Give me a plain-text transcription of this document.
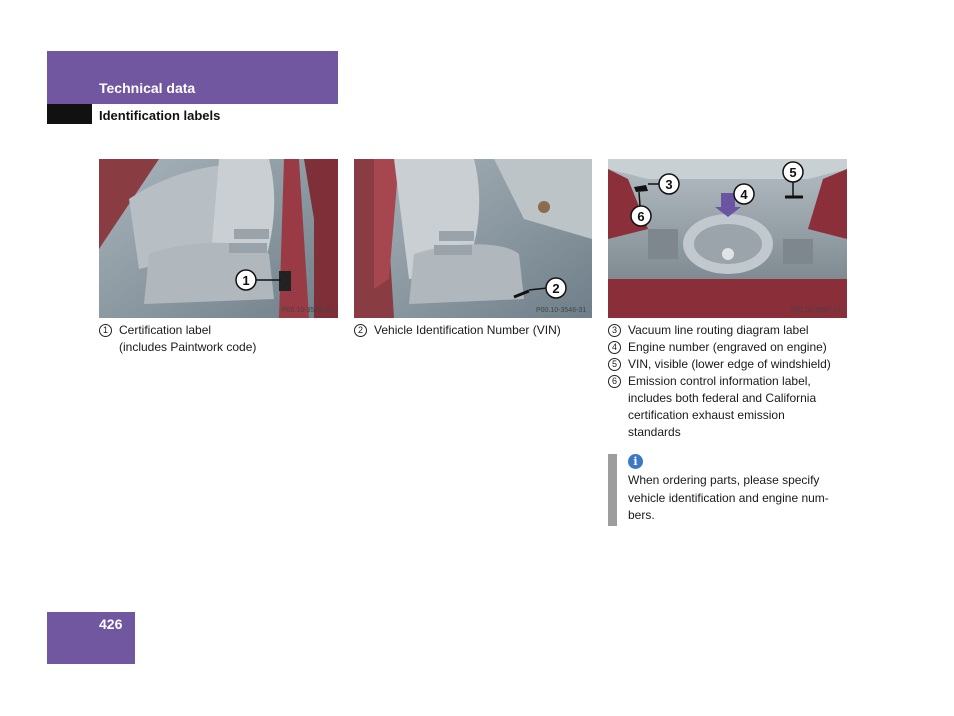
Technical data
Identification labels
1
P00.10-3545-31
2
P00.10-3546-31
3
4
5
6
P01.00-2697-31
1 Certification label
(includes Paintwork code)
2 Vehicle Identification Number (VIN)	3 Vacuum line routing diagram label
4 Engine number (engraved on engine)
5 VIN, visible (lower edge of windshield)
6 Emission control information label,
includes both federal and California
certification exhaust emission
standards
i
When ordering parts, please specify
vehicle identification and engine num-
bers.
426
